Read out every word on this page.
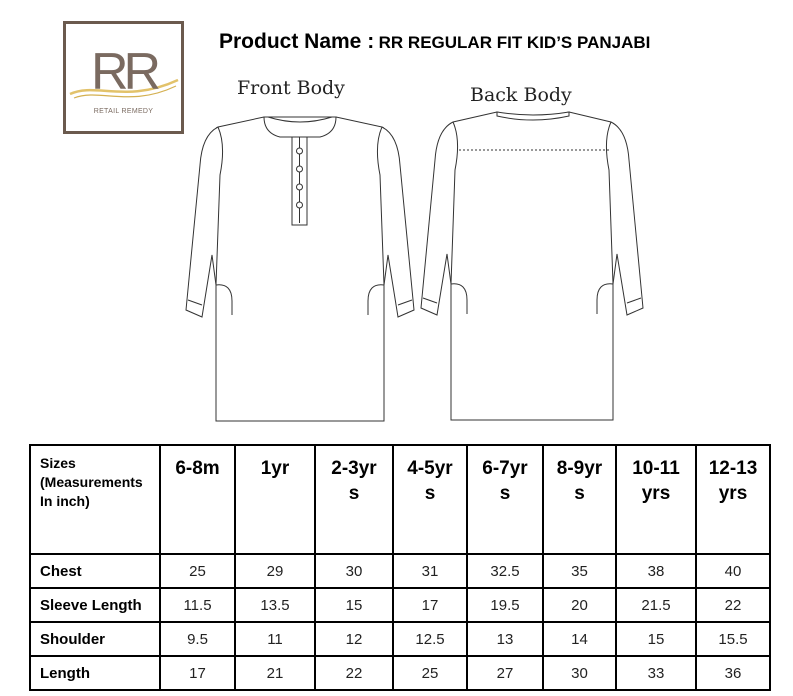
RR
RETAIL REMEDY
Product Name : RR REGULAR FIT KID’S PANJABI
Front Body	Back Body
Sizes (Measurements In inch)	6-8m	1yr	2-3yrs	4-5yrs	6-7yrs	8-9yrs	10-11yrs	12-13yrs

Chest	25	29	30	31	32.5	35	38	40
Sleeve Length	11.5	13.5	15	17	19.5	20	21.5	22
Shoulder	9.5	11	12	12.5	13	14	15	15.5
Length	17	21	22	25	27	30	33	36
